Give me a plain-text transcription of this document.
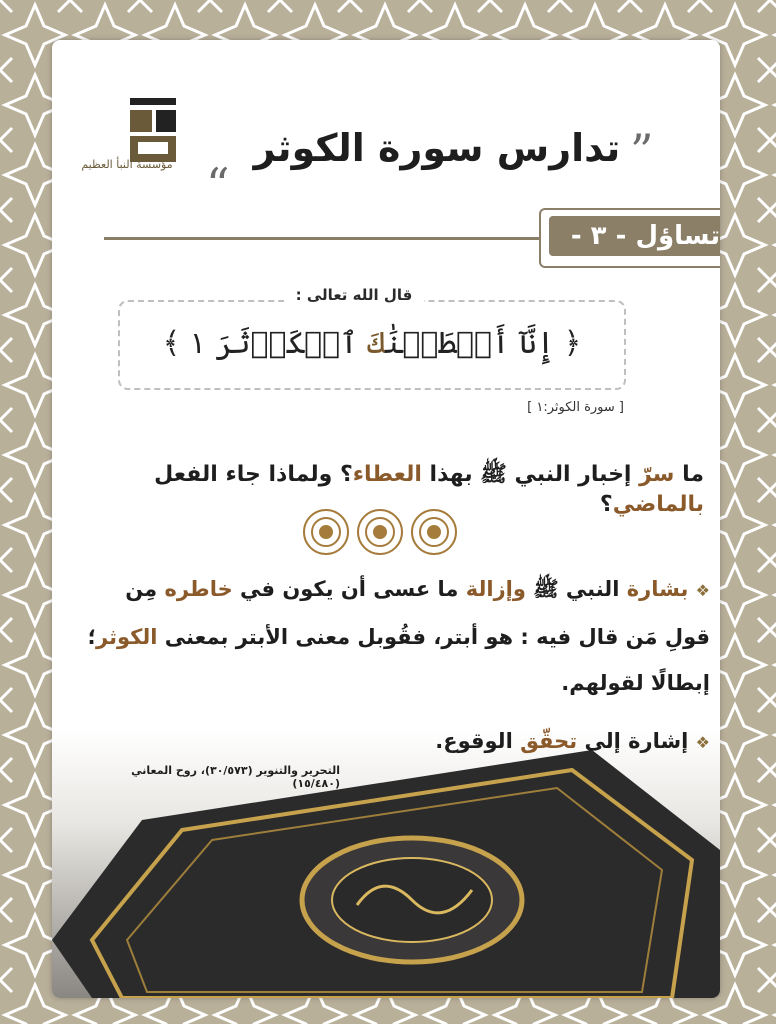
مؤسسة النبأ العظيم	”
تدارس سورة الكوثر
“
تساؤل - ٣ -
قال الله تعالى :
﴿ إِنَّآ أَعۡطَيۡنَٰكَ ٱلۡكَوۡثَرَ ١ ﴾
[ سورة الكوثر:١ ]
ما سرّ إخبار النبي ﷺ بهذا العطاء؟ ولماذا جاء الفعل بالماضي؟
❖ بشارة النبي ﷺ وإزالة ما عسى أن يكون في خاطره مِن قولِ مَن قال فيه : هو أبتر، فقُوبل معنى الأبتر بمعنى الكوثر؛ إبطالًا لقولهم.
❖ إشارة إلى تحقّق الوقوع.
التحرير والتنوير (٣٠/٥٧٣)، روح المعاني (١٥/٤٨٠)
